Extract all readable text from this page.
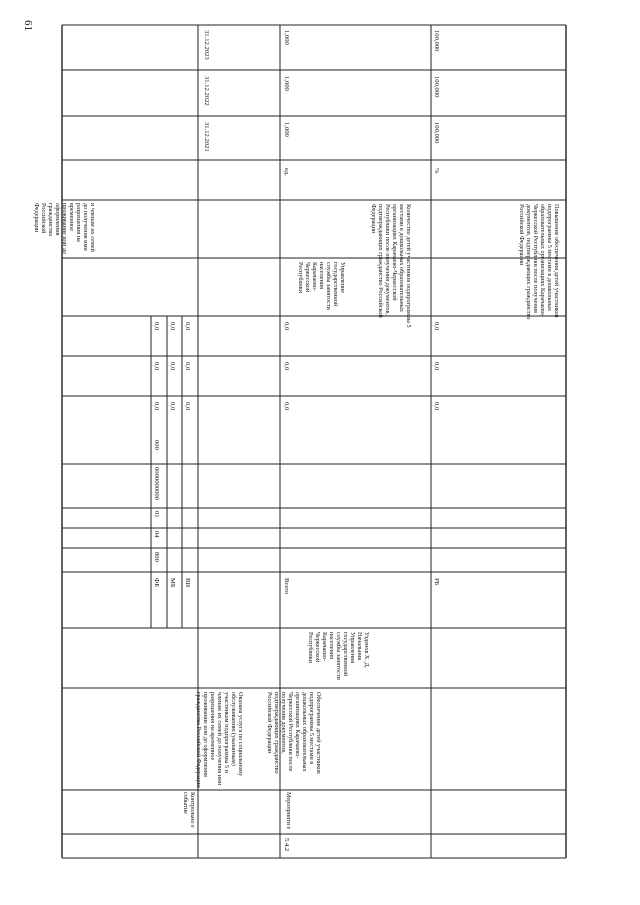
61
31.12.2021
31.12.2022
31.12.2023
и членам их семей до получения ими разрешения на временное проживание или до оформления гражданства Российской Федерации
Контрольно е событие
Оказана услуга по социальному обслуживанию (указанным) участникам подпрограммы 5 и членам их семей до получения ими разрешения на временное проживание или до оформления гражданства Российской Федерации
ФБ МБ ВИ
800
04
01
0000000000
000
0,0
0,0
0,0
0,0
0,0
0,0
0,0
0,0
0,0
5.4.2
Мероприяти е
Обеспечение детей участников подпрограммы 5 местами в дошкольных образовательных организациях Карачаево-Черкесской Республики после получения документов, подтверждающих гражданство Российской Федерации
Узденов Х. Д. Начальник Управления государственной службы занятости населения Карачаево-Черкесской Республики
Всего
0,0
0,0
0,0
РБ
0,0
0,0
0,0
Управление государственной службы занятости населения Карачаево-Черкесской Республики	Количество детей участников подпрограммы 5 местами в дошкольных образовательных организациях Карачаево-Черкесской Республики после получения документов, подтверждающих гражданство Российской Федерации
ед.
1,000
1,000
1,000
Повышение обеспечения детей участников подпрограммы 5 местами в дошкольных образовательных организациях Карачаево-Черкесской Республики после получения документов, подтверждающих гражданство Российской Федерации
%
100,000
100,000
100,000
